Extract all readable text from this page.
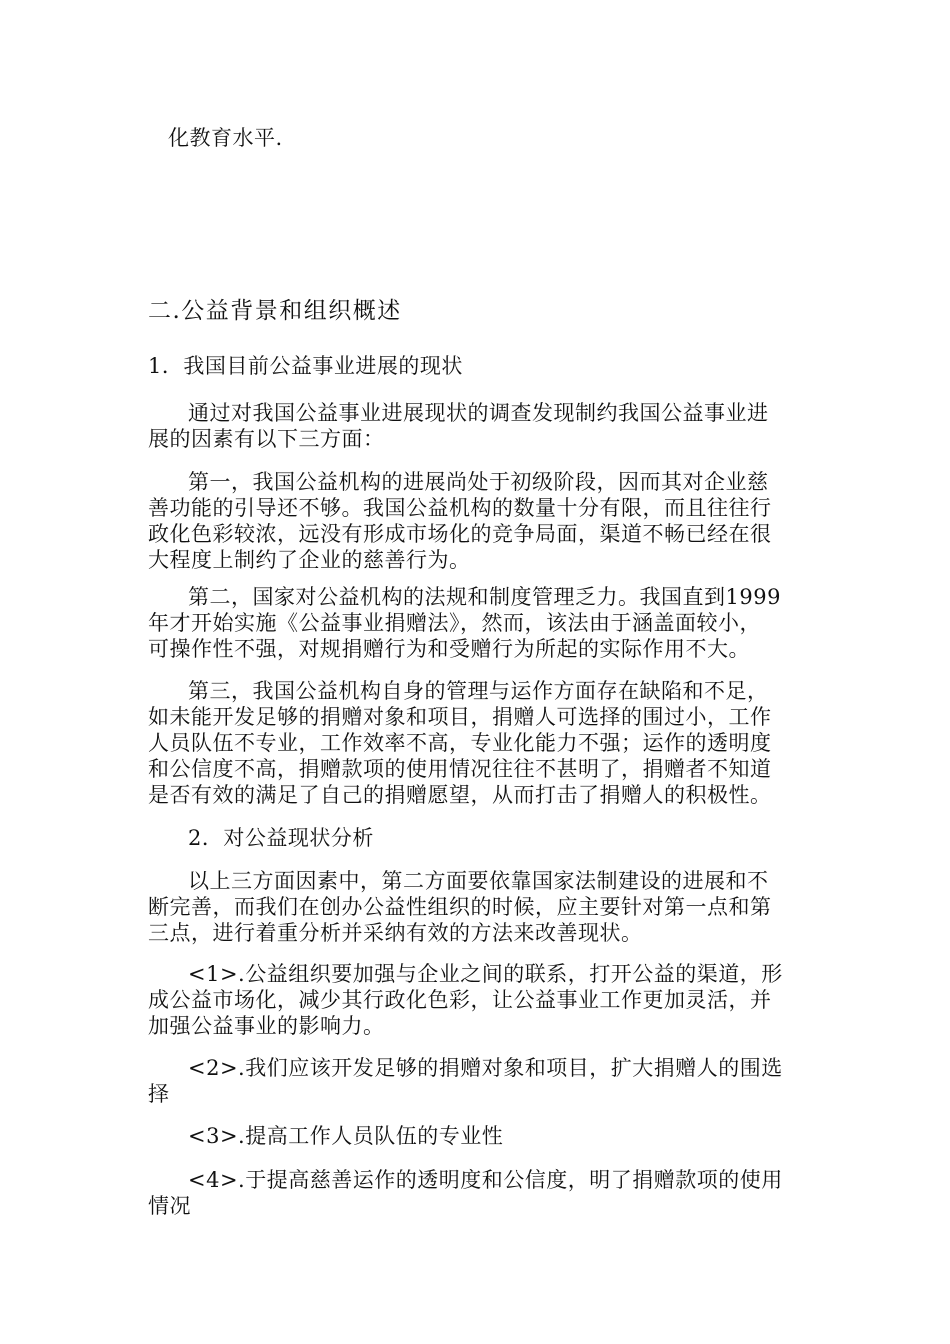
化教育水平.
二.公益背景和组织概述
1．我国目前公益事业进展的现状
通过对我国公益事业进展现状的调查发现制约我国公益事业进
展的因素有以下三方面：
第一，我国公益机构的进展尚处于初级阶段，因而其对企业慈
善功能的引导还不够。我国公益机构的数量十分有限，而且往往行
政化色彩较浓，远没有形成市场化的竞争局面，渠道不畅已经在很
大程度上制约了企业的慈善行为。
第二，国家对公益机构的法规和制度管理乏力。我国直到1999
年才开始实施《公益事业捐赠法》，然而，该法由于涵盖面较小，
可操作性不强，对规捐赠行为和受赠行为所起的实际作用不大。
第三，我国公益机构自身的管理与运作方面存在缺陷和不足，
如未能开发足够的捐赠对象和项目，捐赠人可选择的围过小，工作
人员队伍不专业，工作效率不高，专业化能力不强；运作的透明度
和公信度不高，捐赠款项的使用情况往往不甚明了，捐赠者不知道
是否有效的满足了自己的捐赠愿望，从而打击了捐赠人的积极性。
2．对公益现状分析
以上三方面因素中，第二方面要依靠国家法制建设的进展和不
断完善，而我们在创办公益性组织的时候，应主要针对第一点和第
三点，进行着重分析并采纳有效的方法来改善现状。
<1>.公益组织要加强与企业之间的联系，打开公益的渠道，形
成公益市场化，减少其行政化色彩，让公益事业工作更加灵活，并
加强公益事业的影响力。
<2>.我们应该开发足够的捐赠对象和项目，扩大捐赠人的围选
择
<3>.提高工作人员队伍的专业性
<4>.于提高慈善运作的透明度和公信度，明了捐赠款项的使用
情况
